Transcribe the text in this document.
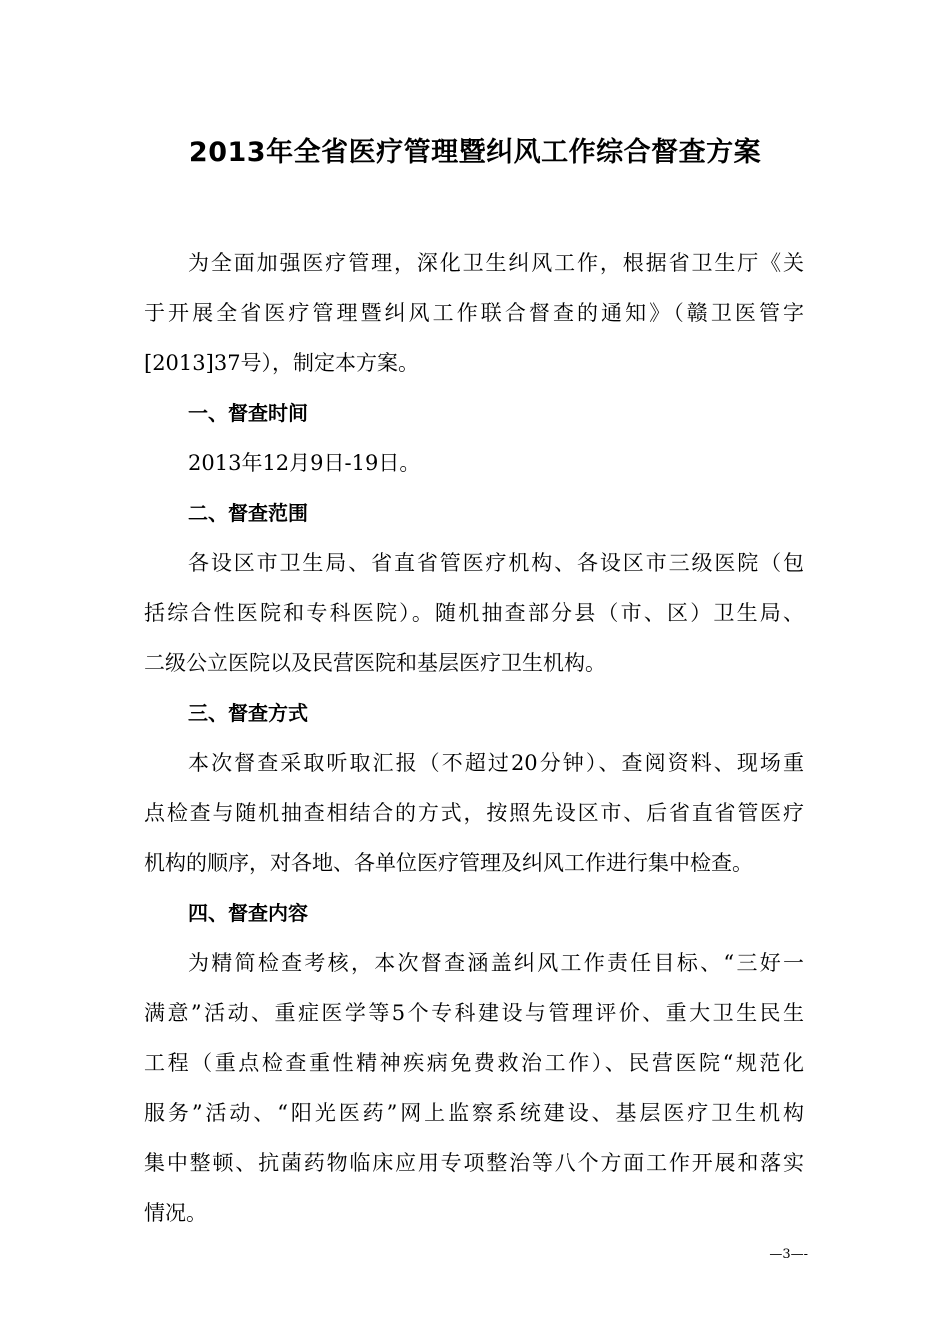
2013年全省医疗管理暨纠风工作综合督查方案
为全面加强医疗管理，深化卫生纠风工作，根据省卫生厅《关
于开展全省医疗管理暨纠风工作联合督查的通知》（赣卫医管字
[2013]37号），制定本方案。

一、督查时间

2013年12月9日-19日。

二、督查范围

各设区市卫生局、省直省管医疗机构、各设区市三级医院（包
括综合性医院和专科医院）。随机抽查部分县（市、区）卫生局、
二级公立医院以及民营医院和基层医疗卫生机构。

三、督查方式

本次督查采取听取汇报（不超过20分钟）、查阅资料、现场重
点检查与随机抽查相结合的方式，按照先设区市、后省直省管医疗
机构的顺序，对各地、各单位医疗管理及纠风工作进行集中检查。

四、督查内容

为精简检查考核，本次督查涵盖纠风工作责任目标、“三好一
满意”活动、重症医学等5个专科建设与管理评价、重大卫生民生
工程（重点检查重性精神疾病免费救治工作）、民营医院“规范化
服务”活动、“阳光医药”网上监察系统建设、基层医疗卫生机构
集中整顿、抗菌药物临床应用专项整治等八个方面工作开展和落实
情况。
—3—-
